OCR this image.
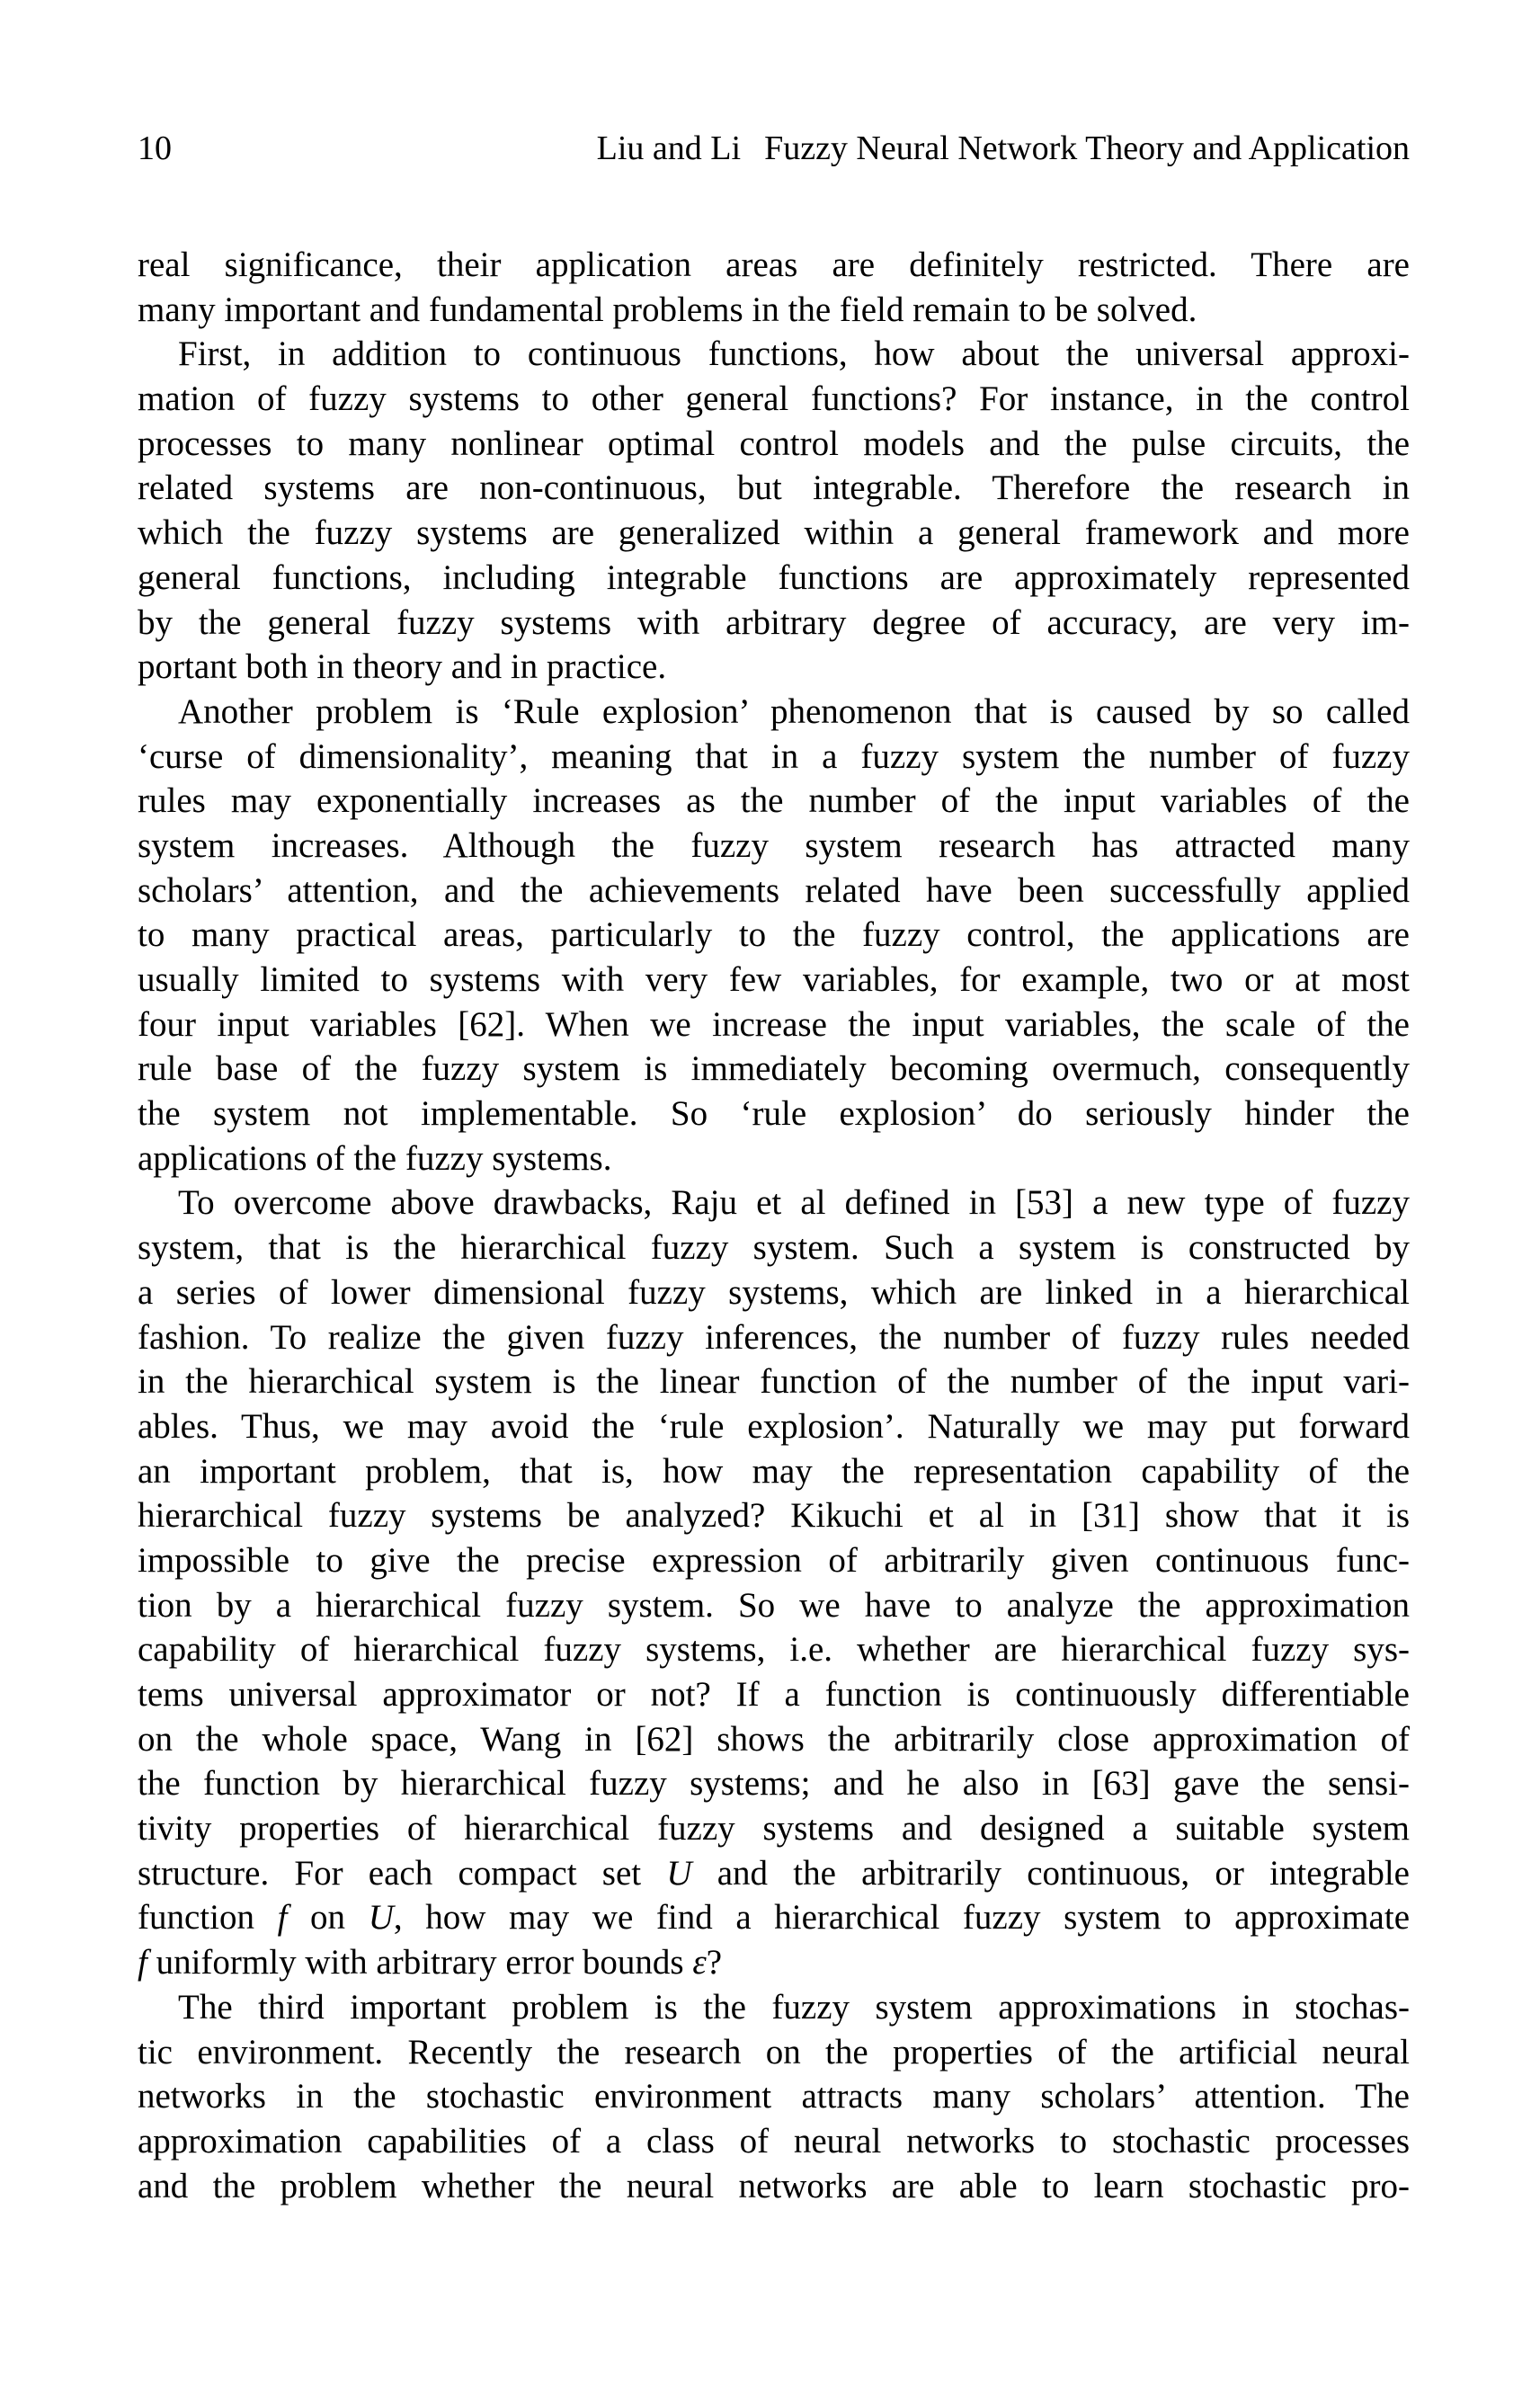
10	Liu and Li Fuzzy Neural Network Theory and Application
real significance, their application areas are definitely restricted. There are
many important and fundamental problems in the field remain to be solved.
First, in addition to continuous functions, how about the universal approxi-
mation of fuzzy systems to other general functions? For instance, in the control
processes to many nonlinear optimal control models and the pulse circuits, the
related systems are non-continuous, but integrable. Therefore the research in
which the fuzzy systems are generalized within a general framework and more
general functions, including integrable functions are approximately represented
by the general fuzzy systems with arbitrary degree of accuracy, are very im-
portant both in theory and in practice.
Another problem is ‘Rule explosion’ phenomenon that is caused by so called
‘curse of dimensionality’, meaning that in a fuzzy system the number of fuzzy
rules may exponentially increases as the number of the input variables of the
system increases. Although the fuzzy system research has attracted many
scholars’ attention, and the achievements related have been successfully applied
to many practical areas, particularly to the fuzzy control, the applications are
usually limited to systems with very few variables, for example, two or at most
four input variables [62]. When we increase the input variables, the scale of the
rule base of the fuzzy system is immediately becoming overmuch, consequently
the system not implementable. So ‘rule explosion’ do seriously hinder the
applications of the fuzzy systems.
To overcome above drawbacks, Raju et al defined in [53] a new type of fuzzy
system, that is the hierarchical fuzzy system. Such a system is constructed by
a series of lower dimensional fuzzy systems, which are linked in a hierarchical
fashion. To realize the given fuzzy inferences, the number of fuzzy rules needed
in the hierarchical system is the linear function of the number of the input vari-
ables. Thus, we may avoid the ‘rule explosion’. Naturally we may put forward
an important problem, that is, how may the representation capability of the
hierarchical fuzzy systems be analyzed? Kikuchi et al in [31] show that it is
impossible to give the precise expression of arbitrarily given continuous func-
tion by a hierarchical fuzzy system. So we have to analyze the approximation
capability of hierarchical fuzzy systems, i.e. whether are hierarchical fuzzy sys-
tems universal approximator or not? If a function is continuously differentiable
on the whole space, Wang in [62] shows the arbitrarily close approximation of
the function by hierarchical fuzzy systems; and he also in [63] gave the sensi-
tivity properties of hierarchical fuzzy systems and designed a suitable system
structure. For each compact set U and the arbitrarily continuous, or integrable
function f on U, how may we find a hierarchical fuzzy system to approximate
f uniformly with arbitrary error bounds ε?
The third important problem is the fuzzy system approximations in stochas-
tic environment. Recently the research on the properties of the artificial neural
networks in the stochastic environment attracts many scholars’ attention. The
approximation capabilities of a class of neural networks to stochastic processes
and the problem whether the neural networks are able to learn stochastic pro-
